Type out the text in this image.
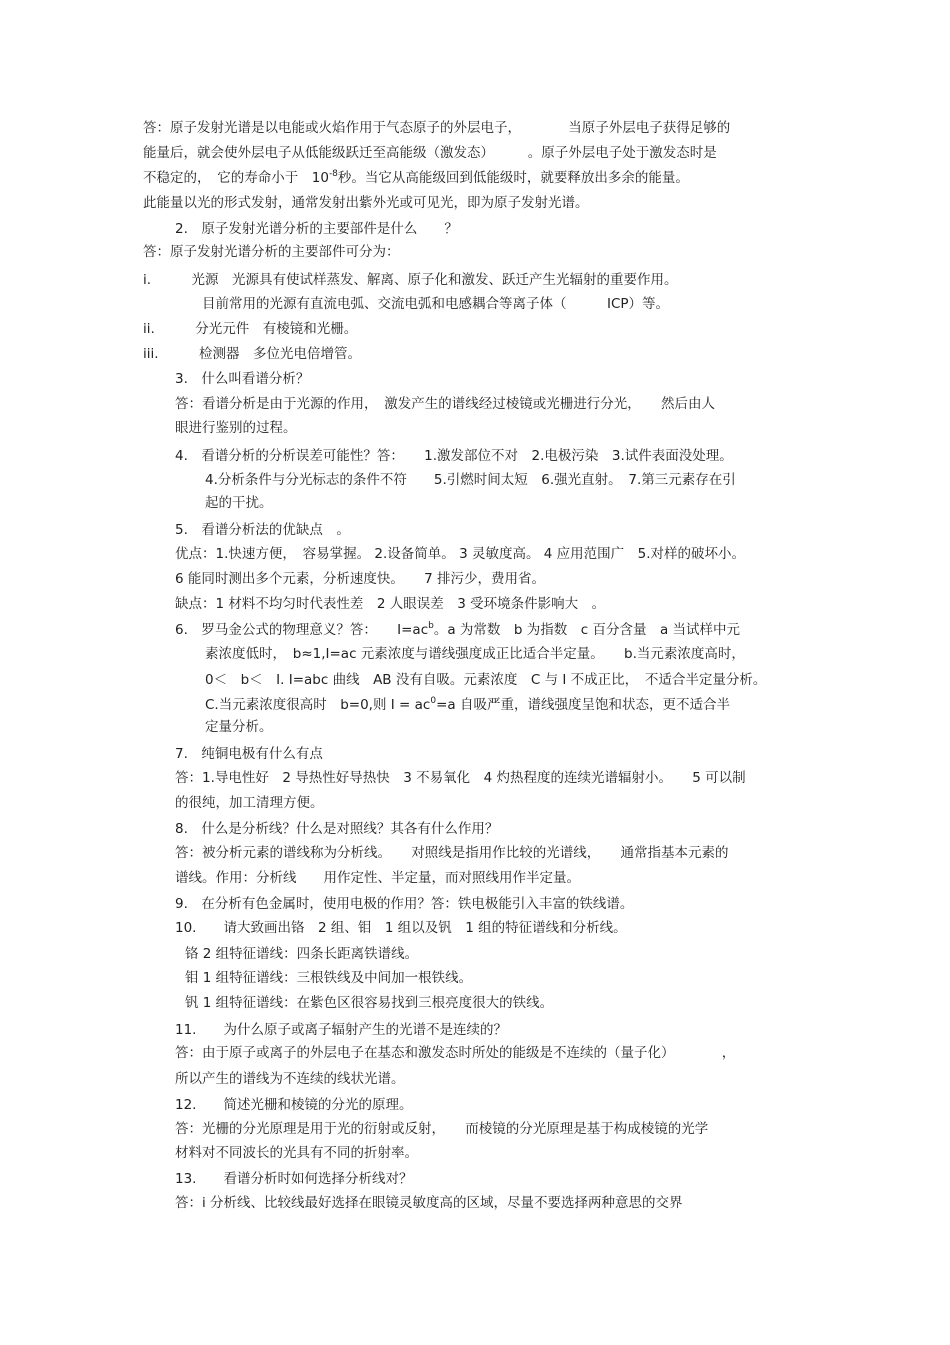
答：原子发射光谱是以电能或火焰作用于气态原子的外层电子，　　　　当原子外层电子获得足够的
能量后，就会使外层电子从低能级跃迁至高能级（激发态）　　　。原子外层电子处于激发态时是
不稳定的，　它的寿命小于　$10^{-8}$秒。当它从高能级回到低能级时，就要释放出多余的能量。
此能量以光的形式发射，通常发射出紫外光或可见光，即为原子发射光谱。
2.　原子发射光谱分析的主要部件是什么　　？
答：原子发射光谱分析的主要部件可分为：
i.　　　光源　光源具有使试样蒸发、解离、原子化和激发、跃迁产生光辐射的重要作用。
目前常用的光源有直流电弧、交流电弧和电感耦合等离子体（　　　ICP）等。
ii.　　　分光元件　有棱镜和光栅。
iii.　　　检测器　多位光电倍增管。
3.　什么叫看谱分析？
答：看谱分析是由于光源的作用，　激发产生的谱线经过棱镜或光栅进行分光，　　然后由人
眼进行鉴别的过程。
4.　看谱分析的分析误差可能性？答：　　1.激发部位不对　2.电极污染　3.试件表面没处理。
4.分析条件与分光标志的条件不符　　5.引燃时间太短　6.强光直射。　7.第三元素存在引
起的干扰。
5.　看谱分析法的优缺点　。
优点：1.快速方便，　容易掌握。 2.设备简单。 3 灵敏度高。 4 应用范围广　5.对样的破坏小。
6 能同时测出多个元素，分析速度快。　　7 排污少，费用省。
缺点：1 材料不均匀时代表性差　2 人眼误差　3 受环境条件影响大　。
6.　罗马金公式的物理意义？答：　　$I=ac^b$。a 为常数　b 为指数　c 百分含量　a 当试样中元
素浓度低时，　b≈1,I=ac 元素浓度与谱线强度成正比适合半定量。　　b.当元素浓度高时，
0＜　b＜　I. I=abc 曲线　AB 没有自吸。元素浓度　C 与 I 不成正比，　不适合半定量分析。
C.当元素浓度很高时　b=0,则 $I = ac^0=a$ 自吸严重，谱线强度呈饱和状态，更不适合半
定量分析。
7.　纯铜电极有什么有点
答：1.导电性好　2 导热性好导热快　3 不易氧化　4 灼热程度的连续光谱辐射小。　　5 可以制
的很纯，加工清理方便。
8.　什么是分析线？什么是对照线？其各有什么作用？
答：被分析元素的谱线称为分析线。　　对照线是指用作比较的光谱线，　　通常指基本元素的
谱线。作用：分析线　　用作定性、半定量，而对照线用作半定量。
9.　在分析有色金属时，使用电极的作用？答：铁电极能引入丰富的铁线谱。
10.　　请大致画出铬　2 组、钼　1 组以及钒　1 组的特征谱线和分析线。
铬 2 组特征谱线：四条长距离铁谱线。
钼 1 组特征谱线：三根铁线及中间加一根铁线。
钒 1 组特征谱线：在紫色区很容易找到三根亮度很大的铁线。
11.　　为什么原子或离子辐射产生的光谱不是连续的？
答：由于原子或离子的外层电子在基态和激发态时所处的能级是不连续的（量子化）　　　　，
所以产生的谱线为不连续的线状光谱。
12.　　简述光栅和棱镜的分光的原理。
答：光栅的分光原理是用于光的衍射或反射，　　而棱镜的分光原理是基于构成棱镜的光学
材料对不同波长的光具有不同的折射率。
13.　　看谱分析时如何选择分析线对？
答：i 分析线、比较线最好选择在眼镜灵敏度高的区域，尽量不要选择两种意思的交界
